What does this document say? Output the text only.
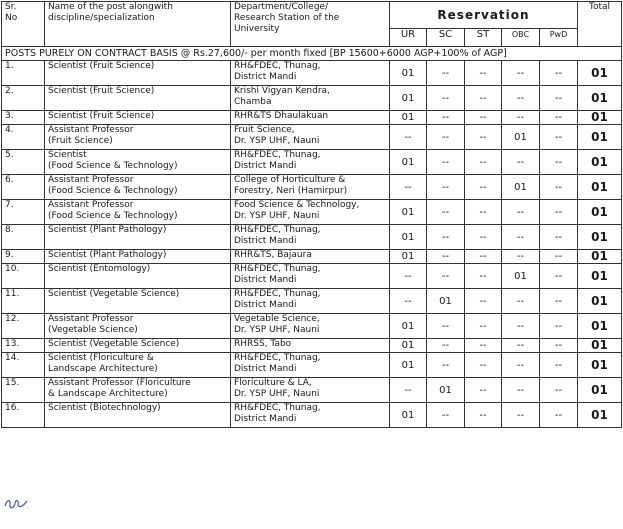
Sr.
No	Name of the post alongwith
discipline/specialization	Department/College/
Research Station of the
University	Reservation					Total
			UR	SC	ST	OBC	PwD	
POSTS PURELY ON CONTRACT BASIS @ Rs.27,600/- per month fixed [BP 15600+6000 AGP+100% of AGP]								
1.	Scientist (Fruit Science)	RH&FDEC, Thunag,
District Mandi	01	--	--	--	--	01
2.	Scientist (Fruit Science)	Krishi Vigyan Kendra,
Chamba	01	--	--	--	--	01
3.	Scientist (Fruit Science)	RHR&TS Dhaulakuan	01	--	--	--	--	01
4.	Assistant Professor
(Fruit Science)	Fruit Science,
Dr. YSP UHF, Nauni	--	--	--	01	--	01
5.	Scientist
(Food Science & Technology)	RH&FDEC, Thunag,
District Mandi	01	--	--	--	--	01
6.	Assistant Professor
(Food Science & Technology)	College of Horticulture &
Forestry, Neri (Hamirpur)	--	--	--	01	--	01
7.	Assistant Professor
(Food Science & Technology)	Food Science & Technology,
Dr. YSP UHF, Nauni	01	--	--	--	--	01
8.	Scientist (Plant Pathology)	RH&FDEC, Thunag,
District Mandi	01	--	--	--	--	01
9.	Scientist (Plant Pathology)	RHR&TS, Bajaura	01	--	--	--	--	01
10.	Scientist (Entomology)	RH&FDEC, Thunag,
District Mandi	--	--	--	01	--	01
11.	Scientist (Vegetable Science)	RH&FDEC, Thunag,
District Mandi	--	01	--	--	--	01
12.	Assistant Professor
(Vegetable Science)	Vegetable Science,
Dr. YSP UHF, Nauni	01	--	--	--	--	01
13.	Scientist (Vegetable Science)	RHRSS, Tabo	01	--	--	--	--	01
14.	Scientist (Floriculture &
Landscape Architecture)	RH&FDEC, Thunag,
District Mandi	01	--	--	--	--	01
15.	Assistant Professor (Floriculture
& Landscape Architecture)	Floriculture & LA,
Dr. YSP UHF, Nauni	--	01	--	--	--	01
16.	Scientist (Biotechnology)	RH&FDEC, Thunag,
District Mandi	01	--	--	--	--	01
